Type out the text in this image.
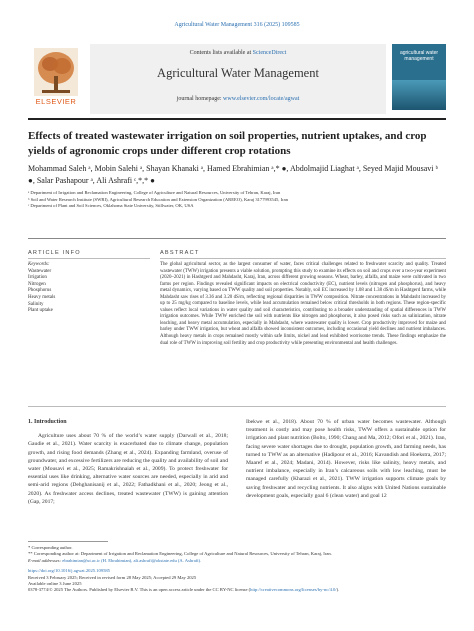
Agricultural Water Management 316 (2025) 109585
ELSEVIER
Contents lists available at ScienceDirect
Agricultural Water Management
journal homepage: www.elsevier.com/locate/agwat
agricultural water management
Effects of treated wastewater irrigation on soil properties, nutrient uptakes, and crop yields of agronomic crops under different crop rotations
Mohammad Saleh ᵃ, Mobin Salehi ᵃ, Shayan Khanaki ᵃ, Hamed Ebrahimian ᵃ,* ●, Abdolmajid Liaghat ᵃ, Seyed Majid Mousavi ᵇ ●, Salar Pashapour ᵃ, Ali Ashrafi ᶜ,*,* ●
ᵃ Department of Irrigation and Reclamation Engineering, College of Agriculture and Natural Resources, University of Tehran, Karaj, Iran
ᵇ Soil and Water Research Institute (SWRI), Agricultural Research Education and Extension Organization (AREEO), Karaj 3177993545, Iran
ᶜ Department of Plant and Soil Sciences, Oklahoma State University, Stillwater, OK, USA
ARTICLE INFO	ABSTRACT
Keywords:
Wastewater
Irrigation
Nitrogen
Phosphorus
Heavy metals
Salinity
Plant uptake
The global agricultural sector, as the largest consumer of water, faces critical challenges related to freshwater scarcity and quality. Treated wastewater (TWW) irrigation presents a viable solution, prompting this study to examine its effects on soil and crops over a two-year experiment (2020–2021) in Hashtgerd and Mahdasht, Karaj, Iran, across different growing seasons. Wheat, barley, alfalfa, and maize were cultivated in two farms per region. Findings revealed significant impacts on electrical conductivity (EC), nutrient levels (nitrogen and phosphorus), and heavy metal dynamics, varying based on TWW quality and soil properties. Notably, soil EC increased by 1.08 and 1.38 dS/m in Hashtgerd farms, while Mahdasht saw rises of 3.36 and 3.20 dS/m, reflecting regional disparities in TWW composition. Nitrate concentrations in Mahdasht increased by up to 25 mg/kg compared to baseline levels, while lead accumulation remained below critical thresholds in both regions. These region-specific values reflect local variations in water quality and soil characteristics, contributing to a broader understanding of spatial differences in TWW irrigation outcomes. While TWW enriched the soil with nutrients like nitrogen and phosphorus, it also posed risks such as salinization, nitrate leaching, and heavy metal accumulation, especially in Mahdasht, where wastewater quality is lower. Crop productivity improved for maize and barley under TWW irrigation, but wheat and alfalfa showed inconsistent outcomes, including occasional yield declines and nutrient imbalances. Although heavy metals in crops remained mostly within safe limits, nickel and lead exhibited worrisome trends. These findings emphasize the dual role of TWW in improving soil fertility and crop productivity while presenting environmental and health challenges.
1. Introduction
Agriculture uses about 70 % of the world’s water supply (Darwall et al., 2018; Gaudie et al., 2021). Water scarcity is exacerbated due to climate change, population growth, and rising food demands (Zhang et al., 2024). Expanding farmland, overuse of groundwater, and excessive fertilizers are reducing the quality and availability of soil and water (Mousavi et al., 2025; Ramakrishnaiah et al., 2009). To protect freshwater for essential uses like drinking, alternative water sources are needed, especially in arid and semi-arid regions (Dehghanisanij et al., 2022; Fathadkhani et al., 2020; Jeong et al., 2020). As freshwater access declines, treated wastewater (TWW) is gaining attention (Gap, 2017;
Ibekwe et al., 2018). About 70 % of urban water becomes wastewater. Although treatment is costly and may pose health risks, TWW offers a sustainable option for irrigation and plant nutrition (Bolto, 1990; Chang and Ma, 2012; Ofori et al., 2021). Iran, facing severe water shortages due to drought, population growth, and farming needs, has turned to TWW as an alternative (Hadipour et al., 2016; Kavandish and Hoekstra, 2017; Maaref et al., 2024; Madani, 2014). However, risks like salinity, heavy metals, and nutrient imbalance, especially in Iran’s calcareous soils with low leaching, must be managed carefully (Kharazi et al., 2021). TWW irrigation supports climate goals by saving freshwater and recycling nutrients. It also aligns with United Nations sustainable development goals, especially goal 6 (clean water) and goal 12

* Corresponding author.

** Corresponding author at: Department of Irrigation and Reclamation Engineering, College of Agriculture and Natural Resources, University of Tehran, Karaj, Iran.

E-mail addresses: ebrahimian@ut.ac.ir (H. Ebrahimian), ali.ashrafi@okstate.edu (A. Ashrafi).

https://doi.org/10.1016/j.agwat.2025.109585

Received 3 February 2025; Received in revised form 28 May 2025; Accepted 29 May 2025

Available online 3 June 2025

0378-3774/© 2025 The Authors. Published by Elsevier B.V. This is an open access article under the CC BY-NC license (http://creativecommons.org/licenses/by-nc/4.0/).
